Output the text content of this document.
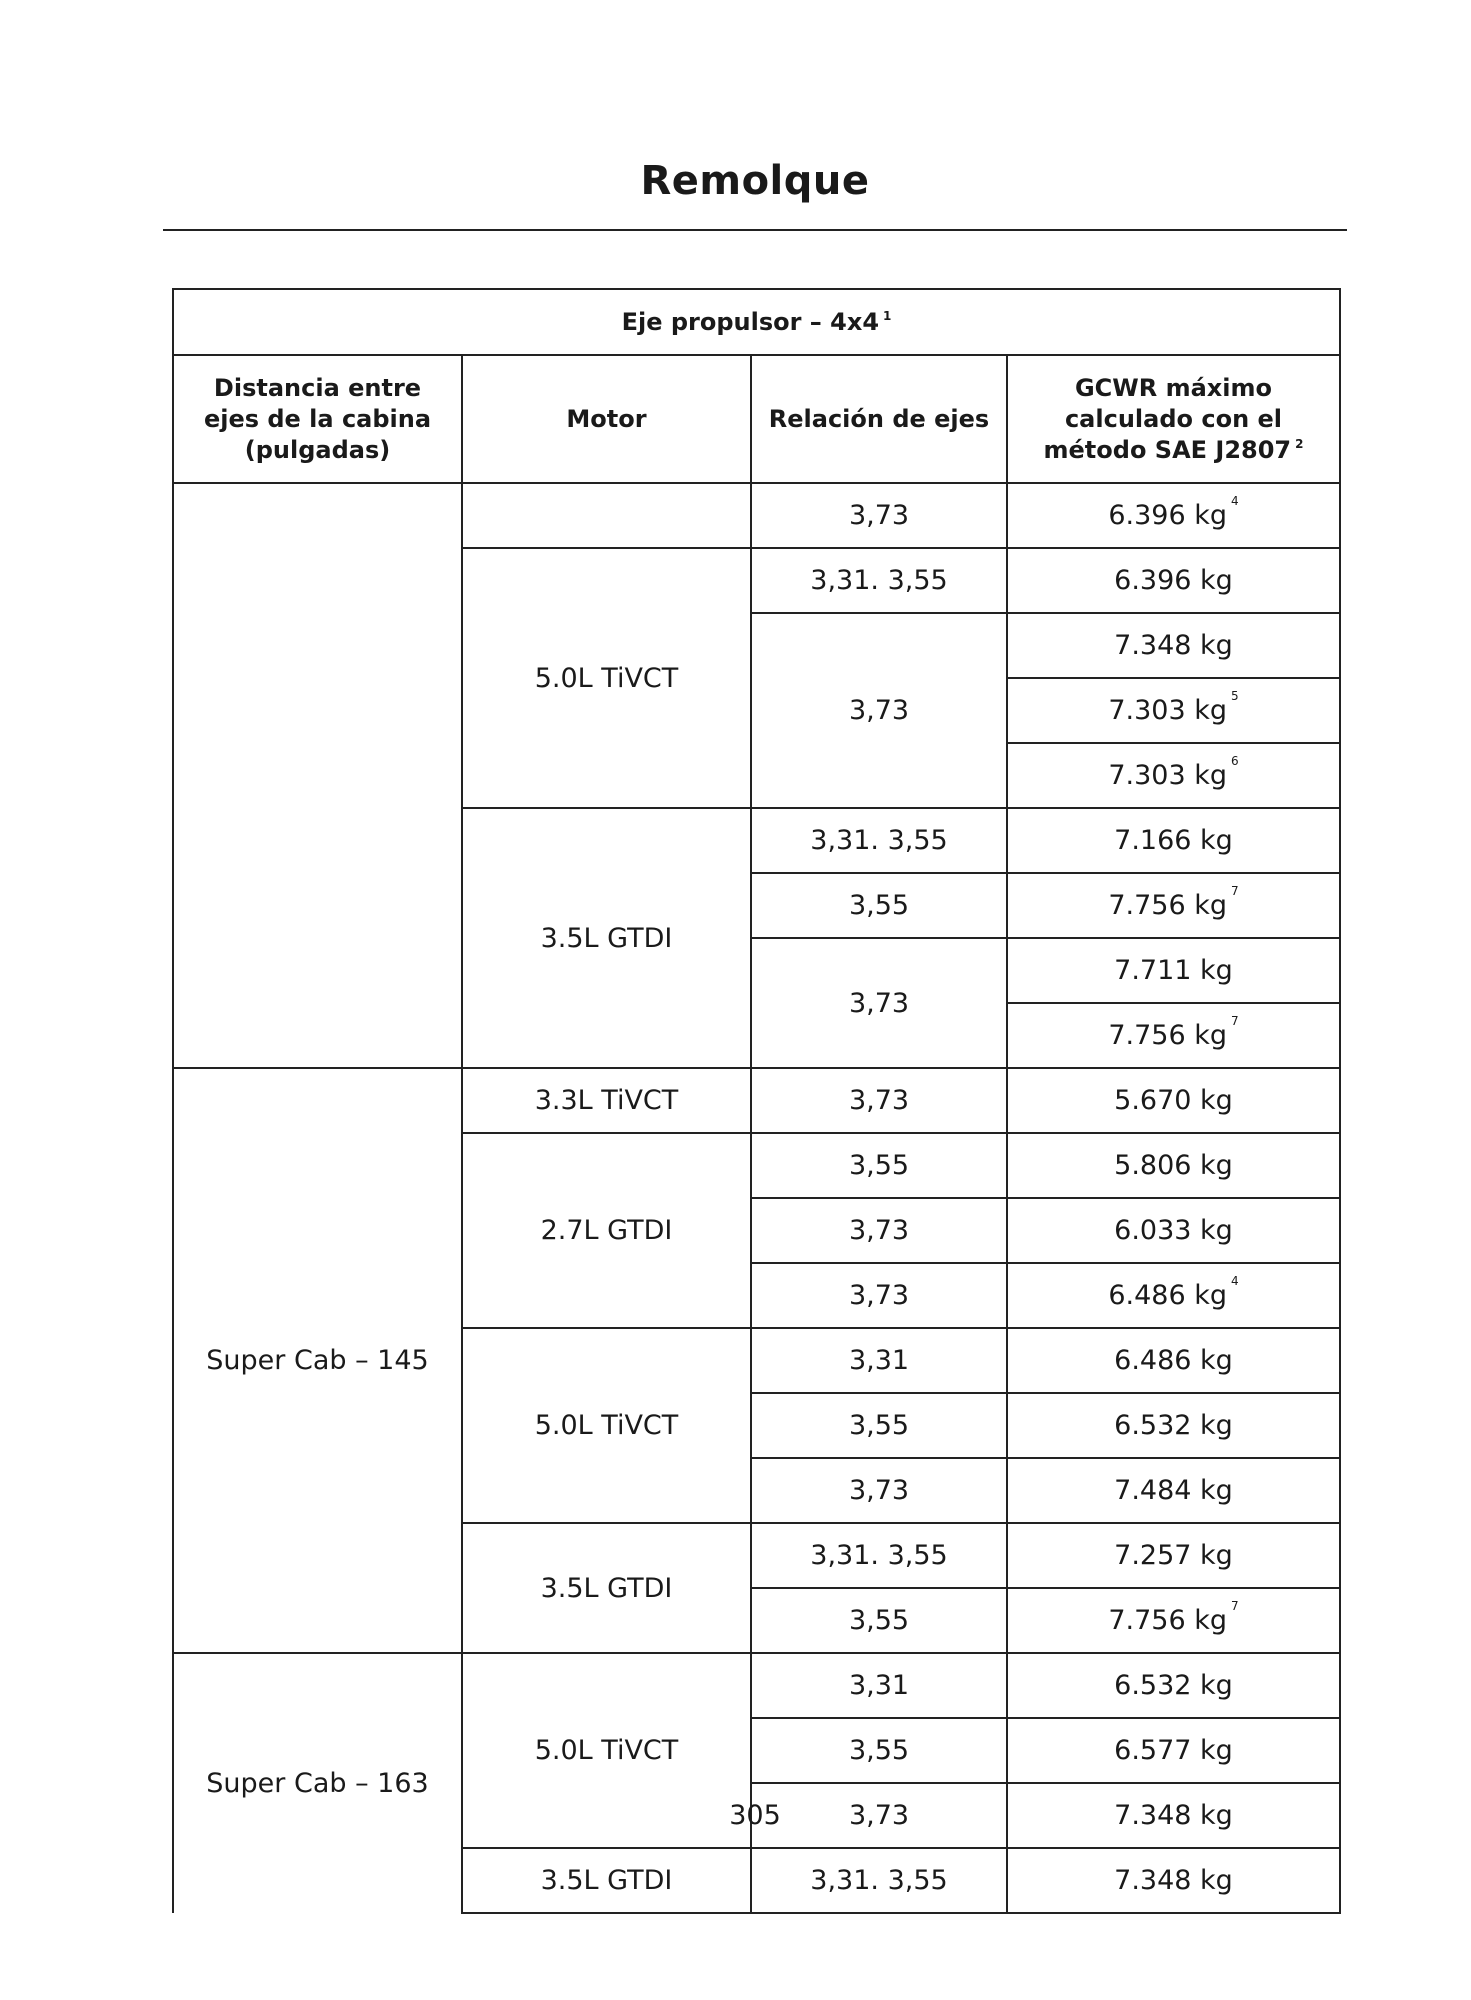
Remolque
Eje propulsor – 4x4 $^1$
Distancia entre ejes de la cabina (pulgadas)	Motor	Relación de ejes	GCWR máximo calculado con el método SAE J2807 $^2$
		3,73	6.396 kg $^4$
	5.0L TiVCT	3,31. 3,55	6.396 kg
		3,73	7.348 kg
			7.303 kg $^5$
			7.303 kg $^6$
	3.5L GTDI	3,31. 3,55	7.166 kg
		3,55	7.756 kg $^7$
		3,73	7.711 kg
			7.756 kg $^7$
Super Cab – 145	3.3L TiVCT	3,73	5.670 kg
	2.7L GTDI	3,55	5.806 kg
		3,73	6.033 kg
		3,73	6.486 kg $^4$
	5.0L TiVCT	3,31	6.486 kg
		3,55	6.532 kg
		3,73	7.484 kg
	3.5L GTDI	3,31. 3,55	7.257 kg
		3,55	7.756 kg $^7$
Super Cab – 163	5.0L TiVCT	3,31	6.532 kg
		3,55	6.577 kg
		3,73	7.348 kg
	3.5L GTDI	3,31. 3,55	7.348 kg
305
